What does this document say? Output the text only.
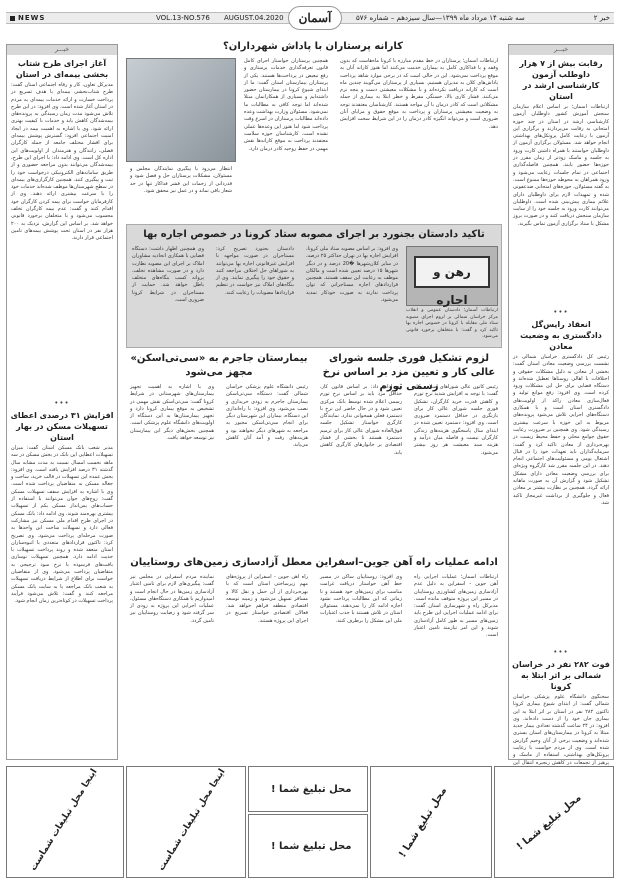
NEWS	VOL.13-NO.576 AUGUST.04.2020	آسمان	سه شنبه ۱۴ مرداد ماه ۱۳۹۹—سال سیزدهم – شماره ۵۷۶	خبر ۲
خبـــر
رقابت بیش از ۷ هزار داوطلب آزمون کارشناسی ارشد در استان
ارتباطات آسمان؛ بر اساس اعلام سازمان سنجش آموزش کشور داوطلبان آزمون کارشناسی ارشد در استان در چند حوزه امتحانی به رقابت می‌پردازند و برگزاری این آزمون با رعایت کامل پروتکل‌های بهداشتی انجام خواهد شد. مسئولان برگزاری آزمون از داوطلبان خواستند با همراه داشتن کارت ورود به جلسه و ماسک زودتر از زمان مقرر در حوزه‌ها حضور یابند. همچنین فاصله‌گذاری اجتماعی در تمام جلسات رعایت می‌شود و ورود همراهان به محوطه حوزه‌ها ممنوع است. به گفته مسئولان، حوزه‌های امتحانی ضدعفونی شده و تمهیدات لازم برای داوطلبان دارای علائم بیماری پیش‌بینی شده است. داوطلبان می‌توانند کارت ورود به جلسه خود را از سایت سازمان سنجش دریافت کنند و در صورت بروز مشکل با ستاد برگزاری آزمون تماس بگیرند.
•••
انعقاد رایس‌گل دادگستری به وضعیت معادن
رئیس کل دادگستری خراسان شمالی در نشست بررسی وضعیت معادن استان گفت: بخشی از معادن به دلیل مشکلات حقوقی و اختلافات با اهالی روستاها تعطیل شده‌اند و دستگاه قضایی برای حل این مشکلات ورود کرده است. وی افزود: رفع موانع تولید و فعال‌سازی معادن راکد از اولویت‌های دادگستری استان است و با همکاری دستگاه‌های اجرایی تلاش می‌شود پرونده‌های مربوط به این حوزه با سرعت بیشتری رسیدگی شود. وی همچنین بر ضرورت رعایت حقوق جوامع محلی و حفظ محیط زیست در بهره‌برداری از معادن تاکید کرد و گفت: سرمایه‌گذاران باید تعهدات خود را در قبال اشتغال بومی و مسئولیت‌های اجتماعی انجام دهند. در این جلسه مقرر شد کارگروه ویژه‌ای برای بررسی وضعیت معادن دارای مشکل تشکیل شود و گزارش آن به صورت ماهانه ارائه گردد. همچنین بر نظارت بیشتر بر معادن فعال و جلوگیری از برداشت غیرمجاز تاکید شد.
•••
فوت ۲۸۲ نفر در خراسان شمالی بر اثر ابتلا به کرونا
سخنگوی دانشگاه علوم پزشکی خراسان شمالی گفت: از ابتدای شیوع بیماری کرونا تاکنون ۲۸۲ نفر در استان بر اثر ابتلا به این بیماری جان خود را از دست داده‌اند. وی افزود: در ۲۴ ساعت گذشته تعدادی بیمار جدید مبتلا به کرونا در بیمارستان‌های استان بستری شده‌اند و وضعیت برخی از آنان وخیم گزارش شده است. وی از مردم خواست با رعایت پروتکل‌های بهداشتی، استفاده از ماسک و پرهیز از تجمعات در کاهش زنجیره انتقال این
خبـــر
آغاز اجرای طرح شتاب بخشی بیمه‌ای در استان
مدیرکل تعاون، کار و رفاه اجتماعی استان گفت: طرح شتاب‌بخشی بیمه‌ای با هدف تسریع در پرداخت خسارت و ارائه خدمات بیمه‌ای به مردم در استان آغاز شده است. وی افزود: در این طرح تلاش می‌شود مدت زمان رسیدگی به پرونده‌های بیمه‌شدگان کاهش یابد و خدمات با کیفیت بهتری ارائه شود. وی با اشاره به اهمیت بیمه در ایجاد امنیت اجتماعی افزود: گسترش پوشش بیمه‌ای برای اقشار مختلف جامعه از جمله کارگران فصلی، رانندگان و هنرمندان از اولویت‌های این اداره کل است. وی ادامه داد: با اجرای این طرح، بیمه‌شدگان می‌توانند بدون مراجعه حضوری و از طریق سامانه‌های الکترونیکی درخواست خود را ثبت و پیگیری کنند. همچنین کارگزاری‌های بیمه‌ای در سطح شهرستان‌ها موظف شده‌اند خدمات خود را با سرعت بیشتری ارائه دهند. وی از کارفرمایان خواست برای بیمه کردن کارگران خود اقدام کنند و گفت: عدم بیمه کارگران تخلف محسوب می‌شود و با متخلفان برخورد قانونی خواهد شد. بر اساس این گزارش، نزدیک به ۲۰۰ هزار نفر در استان تحت پوشش بیمه‌های تامین اجتماعی قرار دارند.
•••
افزایش ۳۱ درصدی اعطای تسهیلات مسکن در بهار استان
مدیر شعب بانک مسکن استان گفت: میزان تسهیلات اعطایی این بانک در بخش مسکن در سه ماهه نخست امسال نسبت به مدت مشابه سال گذشته ۳۱ درصد افزایش یافته است. وی افزود: بخش عمده این تسهیلات در قالب خرید، ساخت و جعاله مسکن به متقاضیان پرداخت شده است. وی با اشاره به افزایش سقف تسهیلات مسکن گفت: زوج‌های جوان می‌توانند با استفاده از حساب‌های پس‌انداز مسکن یکم از تسهیلات بیشتری بهره‌مند شوند. وی ادامه داد: بانک مسکن در اجرای طرح اقدام ملی مسکن نیز مشارکت فعالی دارد و تسهیلات ساخت این واحدها به صورت مرحله‌ای پرداخت می‌شود. وی تصریح کرد: تاکنون قراردادهای متعددی با انبوه‌سازان استان منعقد شده و روند پرداخت تسهیلات با جدیت ادامه دارد. همچنین تسهیلات نوسازی بافت‌های فرسوده با نرخ سود ترجیحی به متقاضیان پرداخت می‌شود. وی از متقاضیان خواست برای اطلاع از شرایط دریافت تسهیلات به شعب بانک مراجعه یا به سایت بانک مسکن مراجعه کنند و گفت: تلاش می‌شود فرآیند پرداخت تسهیلات در کوتاه‌ترین زمان انجام شود.
کارانه پرستاران با پاداش شهرداران؟
ارتباطات آسمان؛ پرستاران در خط مقدم مبارزه با کرونا ماه‌هاست که بدون وقفه و با فداکاری کامل به بیماران خدمت می‌کنند اما هنوز کارانه آنان به موقع پرداخت نمی‌شود. این در حالی است که در برخی موارد شاهد پرداخت پاداش‌های کلان به مدیران هستیم. بسیاری از پرستاران می‌گویند چندین ماه است که کارانه دریافت نکرده‌اند و با مشکلات معیشتی دست و پنجه نرم می‌کنند. فشار کاری بالا، خستگی مفرط و خطر ابتلا به بیماری از جمله مشکلاتی است که کادر درمان با آن مواجه هستند. کارشناسان معتقدند توجه به وضعیت معیشتی پرستاران و پرداخت به موقع حقوق و مزایای آنان ضروری است و می‌تواند انگیزه کادر درمان را در این شرایط سخت افزایش دهد.
همچنین پرستاران خواستار اجرای کامل قانون تعرفه‌گذاری خدمات پرستاری و رفع تبعیض در پرداخت‌ها هستند. یکی از پرستاران بیمارستان استان گفت: ما از ابتدای شیوع کرونا در بیمارستان حضور داشته‌ایم و بسیاری از همکارانمان مبتلا شده‌اند اما توجه کافی به مطالبات ما نمی‌شود. مسئولان وزارت بهداشت وعده داده‌اند مطالبات پرستاران در اسرع وقت پرداخت شود اما هنوز این وعده‌ها عملی نشده است. کارشناسان حوزه سلامت معتقدند پرداخت به موقع کارانه‌ها نقش مهمی در حفظ روحیه کادر درمان دارد.
انتظار می‌رود با پیگیری نمایندگان مجلس و مسئولان، مشکلات پرستاران حل و فصل شود و قدردانی از زحمات این قشر فداکار تنها در حد شعار باقی نماند و در عمل نیز محقق شود.
تاکید دادستان بجنورد بر اجرای مصوبه ستاد کرونا در خصوص اجاره بها
رهن و اجاره
ارتباطات آسمان؛ دادستان عمومی و انقلاب مرکز خراسان شمالی بر لزوم اجرای مصوبه ستاد ملی مقابله با کرونا در خصوص اجاره بها تاکید کرد و گفت: با متخلفان برخورد قانونی می‌شود.
وی افزود: بر اساس مصوبه ستاد ملی کرونا، افزایش اجاره بها در تهران حداکثر ۲۵ درصد، در سایر کلان‌شهرها �20 درصد و در دیگر شهرها ۱۵ درصد تعیین شده است و مالکان موظف به رعایت این سقف هستند. همچنین قراردادهای اجاره مستاجرانی که توان پرداخت ندارند به صورت خودکار تمدید می‌شود.
دادستان بجنورد تصریح کرد: مستاجران در صورت مواجهه با افزایش غیرقانونی اجاره بها می‌توانند به شوراهای حل اختلاف مراجعه کنند و حقوق خود را پیگیری نمایند. وی از بنگاه‌های املاک نیز خواست در تنظیم قراردادها مصوبات را رعایت کنند.
وی همچنین اظهار داشت: دستگاه قضایی با همکاری اتحادیه مشاوران املاک بر اجرای این مصوبه نظارت دارد و در صورت مشاهده تخلف، پروانه کسب بنگاه‌های متخلف باطل خواهد شد. حمایت از مستاجران در شرایط کرونا ضروری است.
لزوم تشکیل فوری جلسه شورای عالی کار و تعیین مزد بر اساس نرخ رسمی تورم
رئیس کانون عالی شوراهای اسلامی کار گفت: با توجه به افزایش شدید نرخ تورم و کاهش قدرت خرید کارگران، تشکیل فوری جلسه شورای عالی کار برای بازنگری در حداقل دستمزد ضروری است. وی افزود: دستمزد تعیین شده در ابتدای سال پاسخگوی هزینه‌های زندگی کارگران نیست و فاصله میان درآمد و هزینه سبد معیشت هر روز بیشتر می‌شود.
وی ادامه داد: بر اساس قانون کار، حداقل مزد باید بر اساس نرخ تورم رسمی اعلام شده توسط بانک مرکزی تعیین شود و در حال حاضر این نرخ با دستمزد فعلی همخوانی ندارد. نمایندگان کارگری خواستار تشکیل جلسه فوق‌العاده شورای عالی کار برای ترمیم دستمزد هستند تا بخشی از فشار اقتصادی بر خانوارهای کارگری کاهش یابد.
بیمارستان جاجرم به «سی‌تی‌اسکن» مجهز می‌شود
رئیس دانشگاه علوم پزشکی خراسان شمالی گفت: دستگاه سی‌تی‌اسکن بیمارستان جاجرم به زودی خریداری و نصب می‌شود. وی افزود: با راه‌اندازی این دستگاه، بیماران این شهرستان دیگر برای انجام سی‌تی‌اسکن مجبور به مراجعه به شهرهای دیگر نخواهند بود و هزینه‌های رفت و آمد آنان کاهش می‌یابد.
وی با اشاره به اهمیت تجهیز بیمارستان‌های شهرستانی در شرایط کرونا گفت: سی‌تی‌اسکن نقش مهمی در تشخیص به موقع بیماری کرونا دارد و تجهیز بیمارستان‌ها به این دستگاه از اولویت‌های دانشگاه علوم پزشکی است. همچنین بخش‌های دیگر این بیمارستان نیز توسعه خواهد یافت.
ادامه عملیات راه آهن جوین–اسفراین معطل آزادسازی زمین‌های روستاییان
ارتباطات آسمان؛ عملیات اجرایی راه آهن جوین - اسفراین به دلیل عدم آزادسازی زمین‌های کشاورزی روستاییان در مسیر این پروژه متوقف مانده است. مدیرکل راه و شهرسازی استان گفت: برای ادامه عملیات اجرایی این طرح باید زمین‌های مسیر به طور کامل آزادسازی شوند و این امر نیازمند تامین اعتبار است.
وی افزود: روستاییان ساکن در مسیر خط آهن خواستار دریافت غرامت مناسب برای زمین‌های خود هستند و تا زمانی که این مطالبات پرداخت نشود اجازه ادامه کار را نمی‌دهند. مسئولان استان در تلاش هستند با جذب اعتبارات ملی این مشکل را برطرف کنند.
راه آهن جوین - اسفراین از پروژه‌های مهم زیرساختی استان است که با بهره‌برداری از آن حمل و نقل کالا و مسافر تسهیل می‌شود و زمینه توسعه اقتصادی منطقه فراهم خواهد شد. فعالان اقتصادی خواستار تسریع در اجرای این پروژه هستند.
نماینده مردم اسفراین در مجلس نیز گفت: پیگیری‌های لازم برای تامین اعتبار آزادسازی زمین‌ها در حال انجام است و امیدواریم با همکاری دستگاه‌های مسئول، عملیات اجرایی این پروژه به زودی از سر گرفته شود و رضایت روستاییان نیز تامین گردد.
اینجا محل تبلیغات شماست	اینجا محل تبلیغات شماست	محل تبلیغ شما !
محل تبلیغ شما !	محل تبلیغ شما !	محل تبلیغ شما !
